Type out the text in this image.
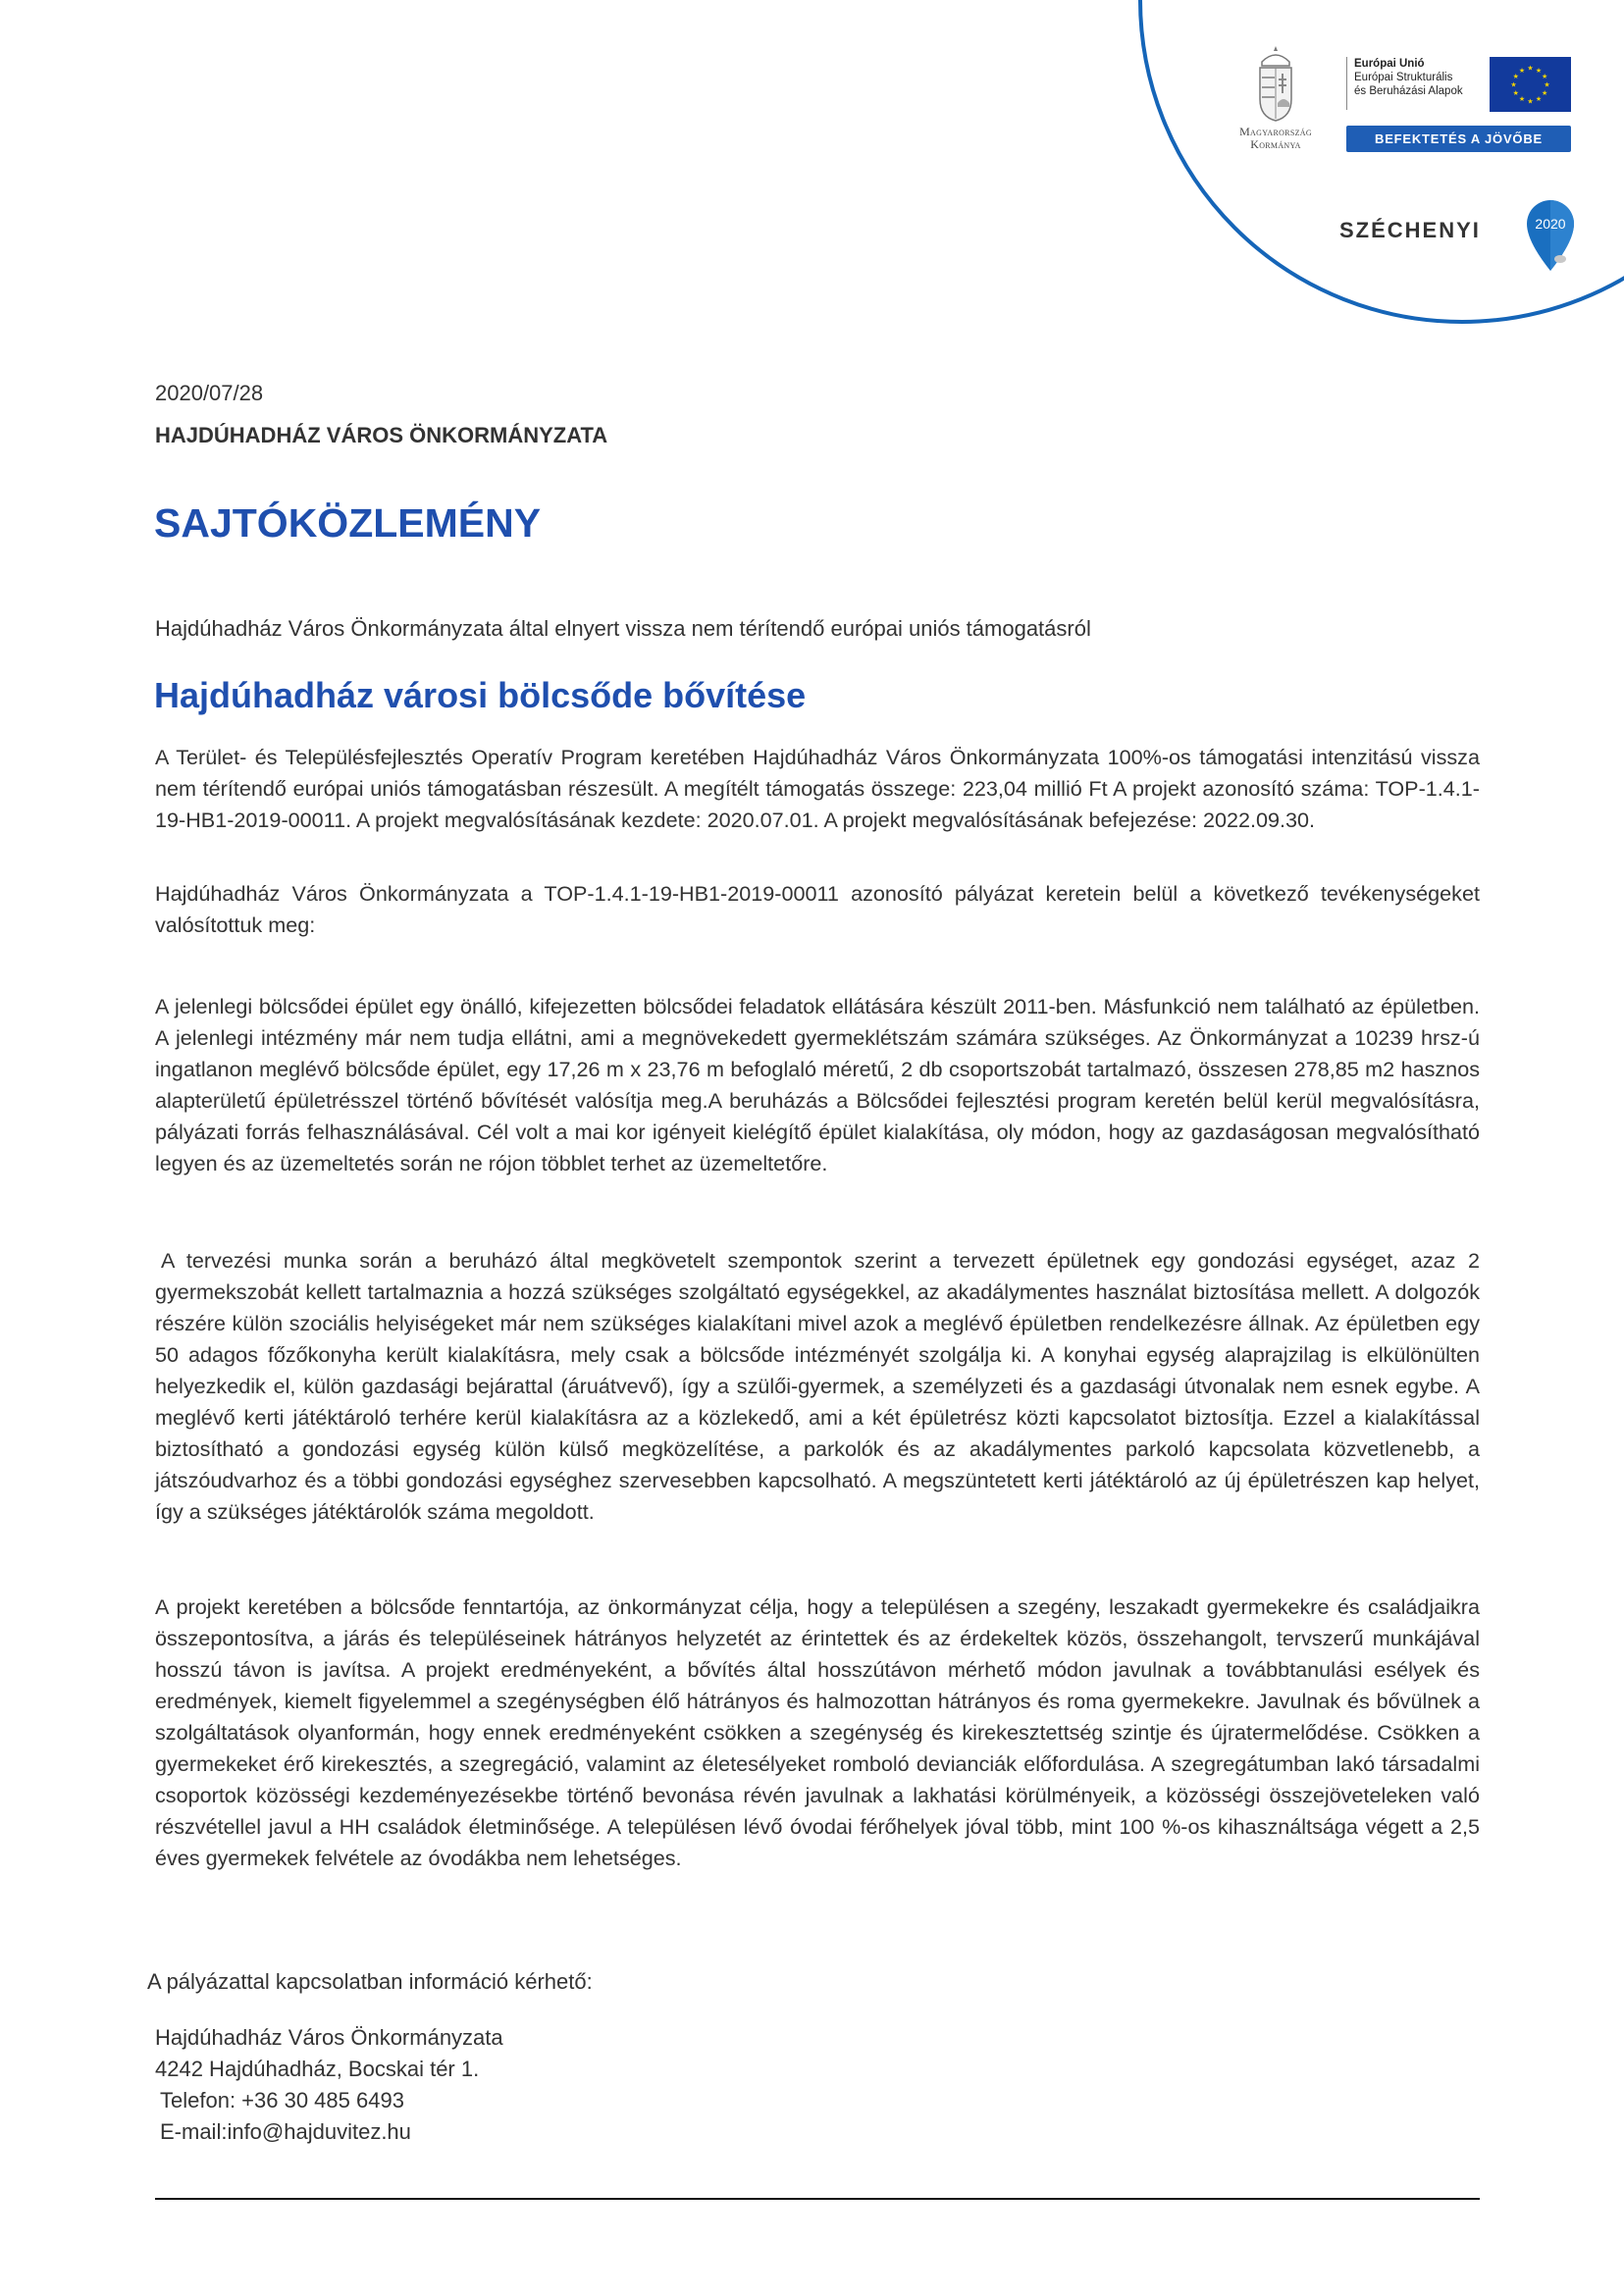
Magyarország
Kormánya
Európai Unió
Európai Strukturális
és Beruházási Alapok
★ ★
★
★
★
★
★
★
★
★
★
★
BEFEKTETÉS A JÖVŐBE
SZÉCHENYI	2020
2020/07/28
HAJDÚHADHÁZ VÁROS ÖNKORMÁNYZATA
SAJTÓKÖZLEMÉNY
Hajdúhadház Város Önkormányzata által elnyert vissza nem térítendő európai uniós támogatásról
Hajdúhadház városi bölcsőde bővítése
A Terület- és Településfejlesztés Operatív Program keretében Hajdúhadház Város Önkormányzata 100%-os támogatási intenzitású vissza nem térítendő európai uniós támogatásban részesült. A megítélt támogatás összege: 223,04 millió Ft A projekt azonosító száma: TOP-1.4.1-19-HB1-2019-00011. A projekt megvalósításának kezdete: 2020.07.01. A projekt megvalósításának befejezése: 2022.09.30.
Hajdúhadház Város Önkormányzata a TOP-1.4.1-19-HB1-2019-00011 azonosító pályázat keretein belül a következő tevékenységeket valósítottuk meg:
A jelenlegi bölcsődei épület egy önálló, kifejezetten bölcsődei feladatok ellátására készült 2011-ben. Másfunkció nem található az épületben. A jelenlegi intézmény már nem tudja ellátni, ami a megnövekedett gyermeklétszám számára szükséges. Az Önkormányzat a 10239 hrsz-ú ingatlanon meglévő bölcsőde épület, egy 17,26 m x 23,76 m befoglaló méretű, 2 db csoportszobát tartalmazó, összesen 278,85 m2 hasznos alapterületű épületrésszel történő bővítését valósítja meg.A beruházás a Bölcsődei fejlesztési program keretén belül kerül megvalósításra, pályázati forrás felhasználásával. Cél volt a mai kor igényeit kielégítő épület kialakítása, oly módon, hogy az gazdaságosan megvalósítható legyen és az üzemeltetés során ne rójon többlet terhet az üzemeltetőre.
A tervezési munka során a beruházó által megkövetelt szempontok szerint a tervezett épületnek egy gondozási egységet, azaz 2 gyermekszobát kellett tartalmaznia a hozzá szükséges szolgáltató egységekkel, az akadálymentes használat biztosítása mellett. A dolgozók részére külön szociális helyiségeket már nem szükséges kialakítani mivel azok a meglévő épületben rendelkezésre állnak. Az épületben egy 50 adagos főzőkonyha került kialakításra, mely csak a bölcsőde intézményét szolgálja ki. A konyhai egység alaprajzilag is elkülönülten helyezkedik el, külön gazdasági bejárattal (áruátvevő), így a szülői-gyermek, a személyzeti és a gazdasági útvonalak nem esnek egybe. A meglévő kerti játéktároló terhére kerül kialakításra az a közlekedő, ami a két épületrész közti kapcsolatot biztosítja. Ezzel a kialakítással biztosítható a gondozási egység külön külső megközelítése, a parkolók és az akadálymentes parkoló kapcsolata közvetlenebb, a játszóudvarhoz és a többi gondozási egységhez szervesebben kapcsolható. A megszüntetett kerti játéktároló az új épületrészen kap helyet, így a szükséges játéktárolók száma megoldott.
A projekt keretében a bölcsőde fenntartója, az önkormányzat célja, hogy a településen a szegény, leszakadt gyermekekre és családjaikra összepontosítva, a járás és településeinek hátrányos helyzetét az érintettek és az érdekeltek közös, összehangolt, tervszerű munkájával hosszú távon is javítsa. A projekt eredményeként, a bővítés által hosszútávon mérhető módon javulnak a továbbtanulási esélyek és eredmények, kiemelt figyelemmel a szegénységben élő hátrányos és halmozottan hátrányos és roma gyermekekre. Javulnak és bővülnek a szolgáltatások olyanformán, hogy ennek eredményeként csökken a szegénység és kirekesztettség szintje és újratermelődése. Csökken a gyermekeket érő kirekesztés, a szegregáció, valamint az életesélyeket romboló devianciák előfordulása. A szegregátumban lakó társadalmi csoportok közösségi kezdeményezésekbe történő bevonása révén javulnak a lakhatási körülményeik, a közösségi összejöveteleken való részvétellel javul a HH családok életminősége. A településen lévő óvodai férőhelyek jóval több, mint 100 %-os kihasználtsága végett a 2,5 éves gyermekek felvétele az óvodákba nem lehetséges.
A pályázattal kapcsolatban információ kérhető:
Hajdúhadház Város Önkormányzata
4242 Hajdúhadház, Bocskai tér 1.
Telefon: +36 30 485 6493
E-mail:info@hajduvitez.hu
